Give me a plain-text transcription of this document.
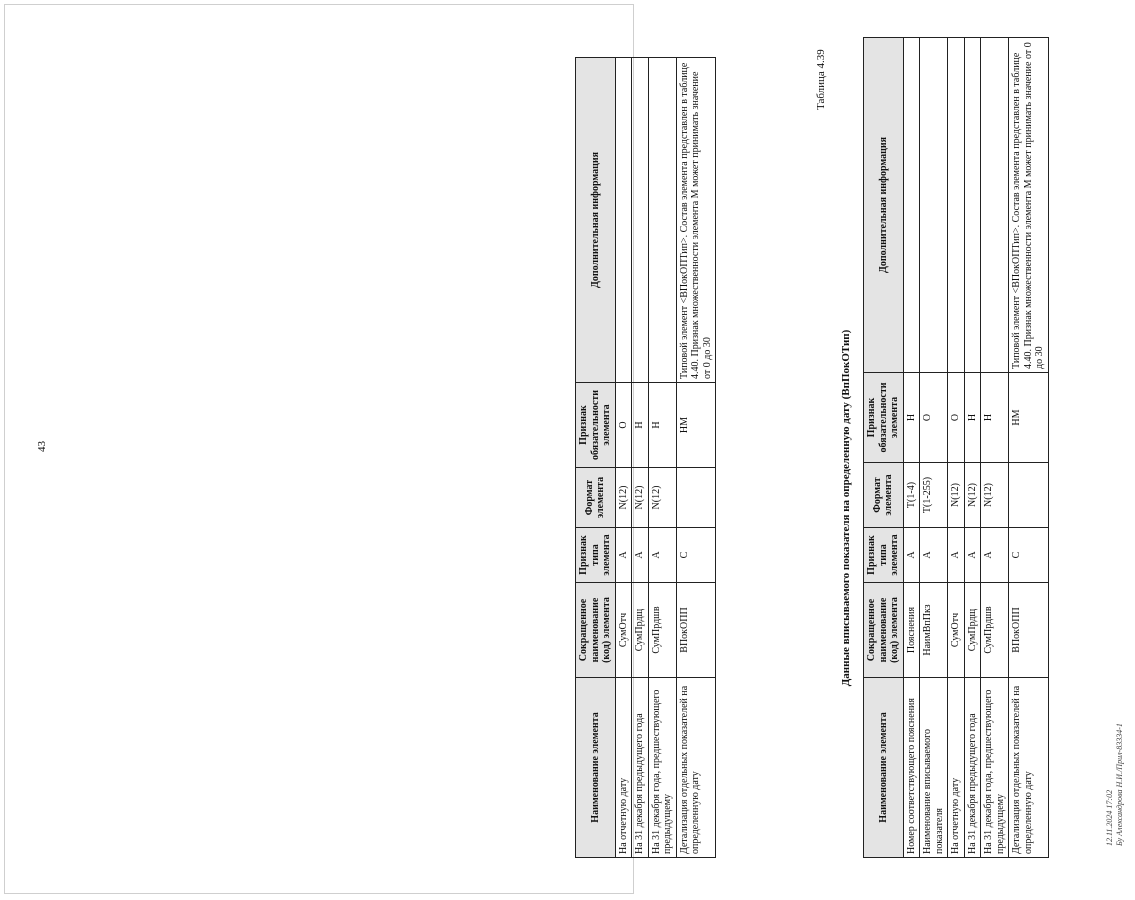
43
Наименование элемента	Сокращенное наименование (код) элемента	Признак типа элемента	Формат элемента	Признак обязательности элемента	Дополнительная информация
На отчетную дату	СумОтч	А	N(12)	О	
На 31 декабря предыдущего года	СумПрдщ	А	N(12)	Н	
На 31 декабря года, предшествующего предыдущему	СумПрдшв	А	N(12)	Н	
Детализация отдельных показателей на определенную дату	ВПокОПП	С		НМ	Типовой элемент <ВПокОПТип>. Состав элемента представлен в таблице 4.40. Признак множественности элемента М может принимать значение от 0 до 30
Таблица 4.39
Данные вписываемого показателя на определенную дату (ВпПокОТип)
Наименование элемента	Сокращенное наименование (код) элемента	Признак типа элемента	Формат элемента	Признак обязательности элемента	Дополнительная информация
Номер соответствующего пояснения	Пояснения	А	T(1-4)	Н	
Наименование вписываемого показателя	НаимВпПкз	А	T(1-255)	О	
На отчетную дату	СумОтч	А	N(12)	О	
На 31 декабря предыдущего года	СумПрдщ	А	N(12)	Н	
На 31 декабря года, предшествующего предыдущему	СумПрдшв	А	N(12)	Н	
Детализация отдельных показателей на определенную дату	ВПокОПП	С		НМ	Типовой элемент <ВПокОПТип>. Состав элемента представлен в таблице 4.40. Признак множественности элемента М может принимать значение от 0 до 30
12.11.2024 17:02 Бу Александрова Н.И./Прил-83334-1
